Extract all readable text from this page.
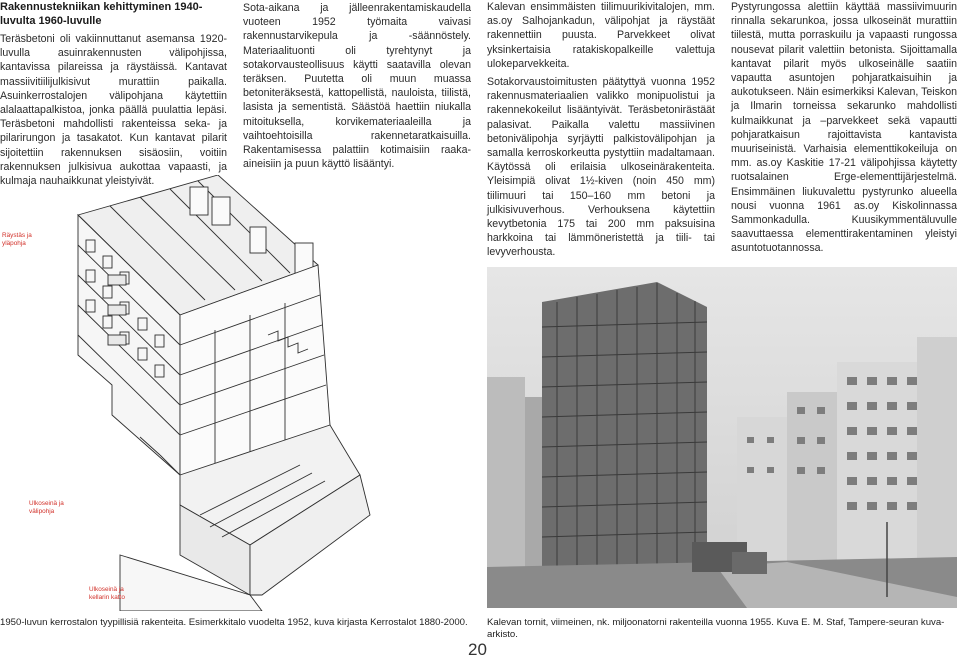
Rakennustekniikan kehittyminen 1940-
luvulta 1960-luvulle

Teräsbetoni oli vakiinnuttanut asemansa 1920-luvulla asuinrakennusten välipohjissa, kantavissa pilareissa ja räystäissä. Kantavat massiivitiilijulkisivut murattiin paikalla. Asuinkerrostalojen välipohjana käytettiin alalaattapalkistoa, jonka päällä puulattia lepäsi. Teräsbetoni mahdollisti rakenteissa seka- ja pilarirungon ja tasakatot. Kun kantavat pilarit sijoitettiin rakennuksen sisäosiin, voitiin rakennuksen julkisivua aukottaa vapaasti, ja kulmaja nauhaikkunat yleistyivät.

Sota-aikana ja jälleenrakentamiskaudella vuoteen 1952 työmaita vaivasi rakennustarvikepula ja -säännöstely. Materiaalituonti oli tyrehtynyt ja sotakorvausteollisuus käytti saatavilla olevan teräksen. Puutetta oli muun muassa betoniteräksestä, kattopellistä, nauloista, tiilistä, lasista ja sementistä. Säästöä haettiin niukalla mitoituksella, korvikemateriaaleilla ja vaihtoehtoisilla rakennetaratkaisuilla. Rakentamisessa palattiin kotimaisiin raaka-aineisiin ja puun käyttö lisääntyi.

Kalevan ensimmäisten tiilimuurikivitalojen, mm. as.oy Salhojankadun, välipohjat ja räystäät rakennettiin puusta. Parvekkeet olivat yksinkertaisia ratakiskopalkeille valettuja ulokeparvekkeita.

Sotakorvaustoimitusten päätyttyä vuonna 1952 rakennusmateriaalien valikko monipuolistui ja rakennekokeilut lisääntyivät. Teräsbetonirästäät palasivat. Paikalla valettu massiivinen betonivälipohja syrjäytti palkistovälipohjan ja samalla kerroskorkeutta pystyttiin madaltamaan. Käytössä oli erilaisia ulkoseinärakenteita. Yleisimpiä olivat 1½-kiven (noin 450 mm) tiilimuuri tai 150–160 mm betoni ja julkisivuverhous. Verhouksena käytettiin kevytbetonia 175 tai 200 mm paksuisina harkkoina tai lämmöneristettä ja tiili- tai levyverhousta.

Pystyrungossa alettiin käyttää massiivimuurin rinnalla sekarunkoa, jossa ulkoseinät murattiin tiilestä, mutta porraskuilu ja vapaasti rungossa nousevat pilarit valettiin betonista. Sijoittamalla kantavat pilarit myös ulkoseinälle saatiin vapautta asuntojen pohjaratkaisuihin ja aukotukseen. Näin esimerkiksi Kalevan, Teiskon ja Ilmarin torneissa sekarunko mahdollisti kulmaikkunat ja –parvekkeet sekä vapautti pohjaratkaisun rajoittavista kantavista muuriseinistä. Varhaisia elementtikokeiluja on mm. as.oy Kaskitie 17-21 välipohjissa käytetty ruotsalainen Erge-elementtijärjestelmä. Ensimmäinen liukuvalettu pystyrunko alueella nousi vuonna 1961 as.oy Kiskolinnassa Sammonkadulla. Kuusikymmentäluvulle saavuttaessa elementtirakentaminen yleistyi asuntotuotannossa.

Räystäs ja
yläpohja
Ulkoseinä ja
välipohja
Ulkoseinä ja
kellarin katto
1950-luvun kerrostalon tyypillisiä rakenteita. Esimerkkitalo vuodelta 1952, kuva kirjasta Kerrostalot 1880-2000. Kalevan tornit, viimeinen, nk. miljoonatorni rakenteilla vuonna 1955. Kuva E. M. Staf, Tampere-seuran kuva-arkisto.
20
